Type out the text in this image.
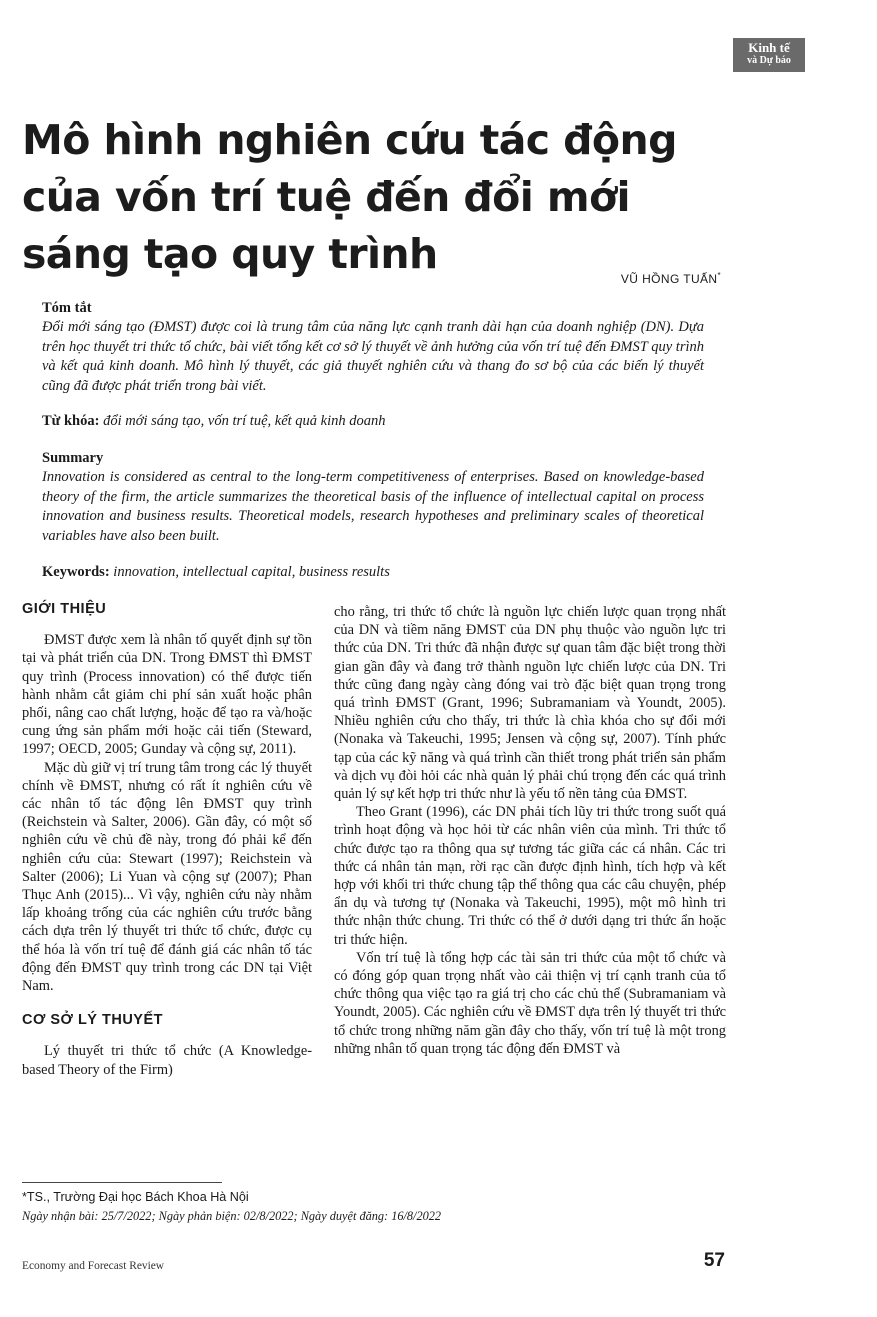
Kinh tế
và Dự báo
Mô hình nghiên cứu tác động của vốn trí tuệ đến đổi mới sáng tạo quy trình
VŨ HỒNG TUẤN*
Tóm tắt
Đổi mới sáng tạo (ĐMST) được coi là trung tâm của năng lực cạnh tranh dài hạn của doanh nghiệp (DN). Dựa trên học thuyết tri thức tổ chức, bài viết tổng kết cơ sở lý thuyết về ảnh hưởng của vốn trí tuệ đến ĐMST quy trình và kết quả kinh doanh. Mô hình lý thuyết, các giả thuyết nghiên cứu và thang đo sơ bộ của các biến lý thuyết cũng đã được phát triển trong bài viết.
Từ khóa: đổi mới sáng tạo, vốn trí tuệ, kết quả kinh doanh
Summary
Innovation is considered as central to the long-term competitiveness of enterprises. Based on knowledge-based theory of the firm, the article summarizes the theoretical basis of the influence of intellectual capital on process innovation and business results. Theoretical models, research hypotheses and preliminary scales of theoretical variables have also been built.
Keywords: innovation, intellectual capital, business results
GIỚI THIỆU

ĐMST được xem là nhân tố quyết định sự tồn tại và phát triển của DN. Trong ĐMST thì ĐMST quy trình (Process innovation) có thể được tiến hành nhằm cắt giảm chi phí sản xuất hoặc phân phối, nâng cao chất lượng, hoặc để tạo ra và/hoặc cung ứng sản phẩm mới hoặc cải tiến (Steward, 1997; OECD, 2005; Gunday và cộng sự, 2011).

Mặc dù giữ vị trí trung tâm trong các lý thuyết chính về ĐMST, nhưng có rất ít nghiên cứu về các nhân tố tác động lên ĐMST quy trình (Reichstein và Salter, 2006). Gần đây, có một số nghiên cứu về chủ đề này, trong đó phải kể đến nghiên cứu của: Stewart (1997); Reichstein và Salter (2006); Li Yuan và cộng sự (2007); Phan Thục Anh (2015)... Vì vậy, nghiên cứu này nhằm lấp khoảng trống của các nghiên cứu trước bằng cách dựa trên lý thuyết tri thức tổ chức, được cụ thể hóa là vốn trí tuệ để đánh giá các nhân tố tác động đến ĐMST quy trình trong các DN tại Việt Nam.

CƠ SỞ LÝ THUYẾT

Lý thuyết tri thức tổ chức (A Knowledge-based Theory of the Firm)

cho rằng, tri thức tổ chức là nguồn lực chiến lược quan trọng nhất của DN và tiềm năng ĐMST của DN phụ thuộc vào nguồn lực tri thức của DN. Tri thức đã nhận được sự quan tâm đặc biệt trong thời gian gần đây và đang trở thành nguồn lực chiến lược của DN. Tri thức cũng đang ngày càng đóng vai trò đặc biệt quan trọng trong quá trình ĐMST (Grant, 1996; Subramaniam và Youndt, 2005). Nhiều nghiên cứu cho thấy, tri thức là chìa khóa cho sự đổi mới (Nonaka và Takeuchi, 1995; Jensen và cộng sự, 2007). Tính phức tạp của các kỹ năng và quá trình cần thiết trong phát triển sản phẩm và dịch vụ đòi hỏi các nhà quản lý phải chú trọng đến các quá trình quản lý sự kết hợp tri thức như là yếu tố nền tảng của ĐMST.

Theo Grant (1996), các DN phải tích lũy tri thức trong suốt quá trình hoạt động và học hỏi từ các nhân viên của mình. Tri thức tổ chức được tạo ra thông qua sự tương tác giữa các cá nhân. Các tri thức cá nhân tản mạn, rời rạc cần được định hình, tích hợp và kết hợp với khối tri thức chung tập thể thông qua các câu chuyện, phép ẩn dụ và tương tự (Nonaka và Takeuchi, 1995), một mô hình tri thức nhận thức chung. Tri thức có thể ở dưới dạng tri thức ẩn hoặc tri thức hiện.

Vốn trí tuệ là tổng hợp các tài sản tri thức của một tổ chức và có đóng góp quan trọng nhất vào cải thiện vị trí cạnh tranh của tổ chức thông qua việc tạo ra giá trị cho các chủ thể (Subramaniam và Youndt, 2005). Các nghiên cứu về ĐMST dựa trên lý thuyết tri thức tổ chức trong những năm gần đây cho thấy, vốn trí tuệ là một trong những nhân tố quan trọng tác động đến ĐMST và

*TS., Trường Đại học Bách Khoa Hà Nội
Ngày nhận bài: 25/7/2022; Ngày phản biện: 02/8/2022; Ngày duyệt đăng: 16/8/2022
Economy and Forecast Review	57
